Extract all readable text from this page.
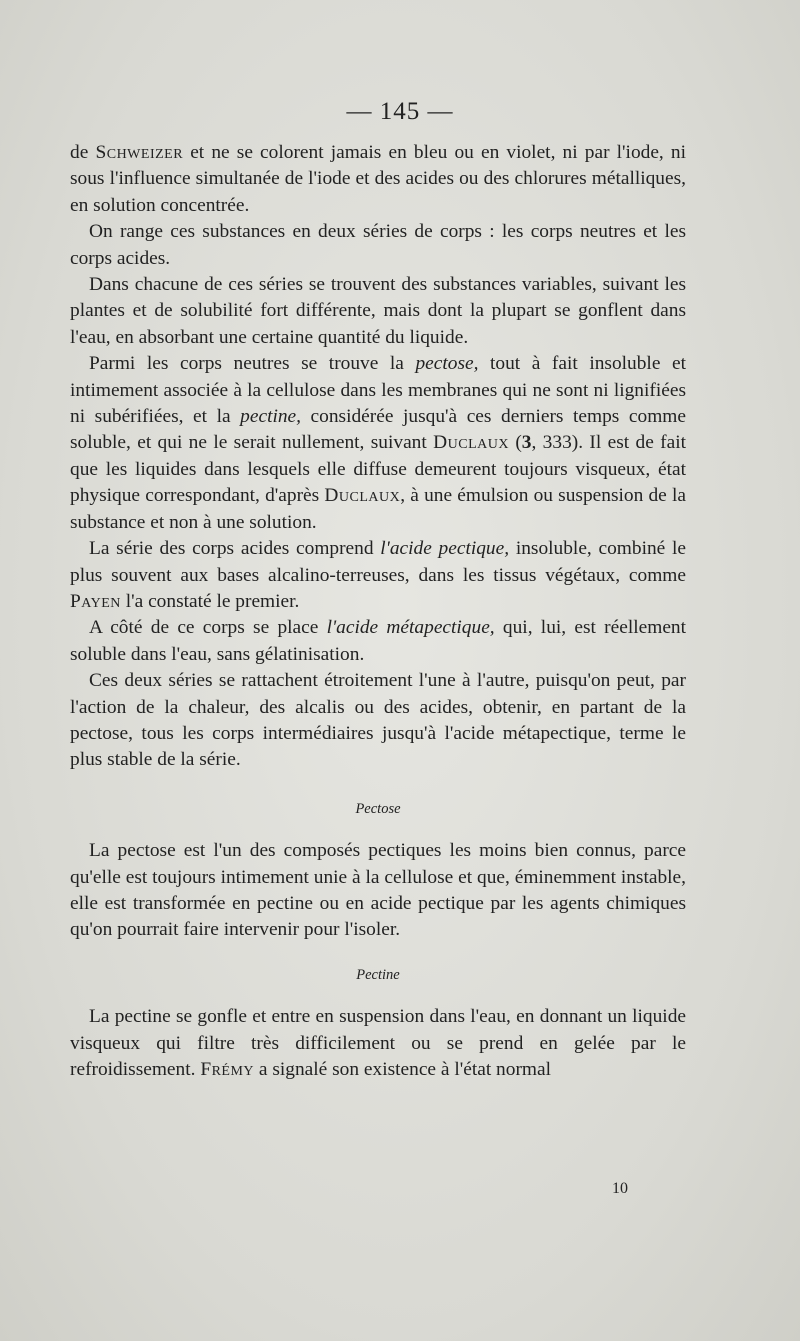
— 145 —

de Schweizer et ne se colorent jamais en bleu ou en violet, ni par l'iode, ni sous l'influence simultanée de l'iode et des acides ou des chlorures métalliques, en solution concentrée.

On range ces substances en deux séries de corps : les corps neutres et les corps acides.

Dans chacune de ces séries se trouvent des substances variables, suivant les plantes et de solubilité fort différente, mais dont la plupart se gonflent dans l'eau, en absorbant une certaine quantité du liquide.

Parmi les corps neutres se trouve la pectose, tout à fait insoluble et intimement associée à la cellulose dans les membranes qui ne sont ni lignifiées ni subérifiées, et la pectine, considérée jusqu'à ces derniers temps comme soluble, et qui ne le serait nullement, suivant Duclaux (3, 333). Il est de fait que les liquides dans lesquels elle diffuse demeurent toujours visqueux, état physique correspondant, d'après Duclaux, à une émulsion ou suspension de la substance et non à une solution.

La série des corps acides comprend l'acide pectique, insoluble, combiné le plus souvent aux bases alcalino-terreuses, dans les tissus végétaux, comme Payen l'a constaté le premier.

A côté de ce corps se place l'acide métapectique, qui, lui, est réellement soluble dans l'eau, sans gélatinisation.

Ces deux séries se rattachent étroitement l'une à l'autre, puisqu'on peut, par l'action de la chaleur, des alcalis ou des acides, obtenir, en partant de la pectose, tous les corps intermédiaires jusqu'à l'acide métapectique, terme le plus stable de la série.

Pectose

La pectose est l'un des composés pectiques les moins bien connus, parce qu'elle est toujours intimement unie à la cellulose et que, éminemment instable, elle est transformée en pectine ou en acide pectique par les agents chimiques qu'on pourrait faire intervenir pour l'isoler.

Pectine

La pectine se gonfle et entre en suspension dans l'eau, en donnant un liquide visqueux qui filtre très difficilement ou se prend en gelée par le refroidissement. Frémy a signalé son existence à l'état normal

10
